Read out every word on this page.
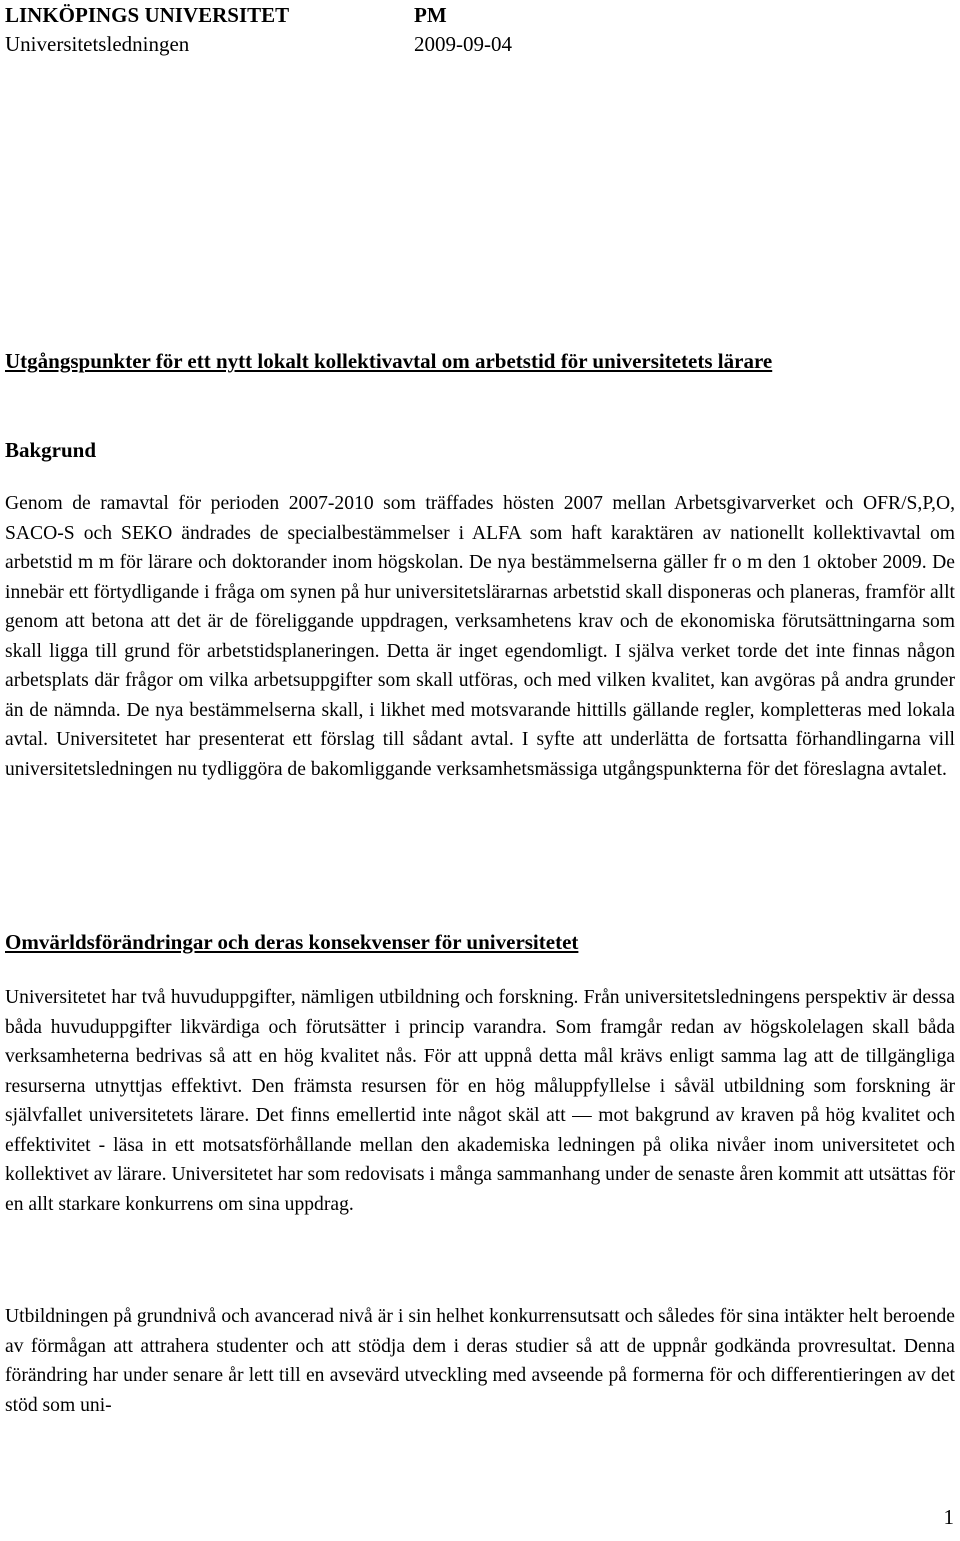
LINKÖPINGS UNIVERSITET
Universitetsledningen
PM
2009-09-04
Utgångspunkter för ett nytt lokalt kollektivavtal om arbetstid för universitetets lärare
Bakgrund

Genom de ramavtal för perioden 2007-2010 som träffades hösten 2007 mellan Arbetsgivarverket och OFR/S,P,O, SACO-S och SEKO ändrades de specialbestämmelser i ALFA som haft karaktären av nationellt kollektivavtal om arbetstid m m för lärare och doktorander inom högskolan. De nya bestämmelserna gäller fr o m den 1 oktober 2009. De innebär ett förtydligande i fråga om synen på hur universitetslärarnas arbetstid skall disponeras och planeras, framför allt genom att betona att det är de föreliggande uppdragen, verksamhetens krav och de ekonomiska förutsättningarna som skall ligga till grund för arbetstidsplaneringen. Detta är inget egendomligt. I själva verket torde det inte finnas någon arbetsplats där frågor om vilka arbetsuppgifter som skall utföras, och med vilken kvalitet, kan avgöras på andra grunder än de nämnda. De nya bestämmelserna skall, i likhet med motsvarande hittills gällande regler, kompletteras med lokala avtal. Universitetet har presenterat ett förslag till sådant avtal. I syfte att underlätta de fortsatta förhandlingarna vill universitetsledningen nu tydliggöra de bakomliggande verksamhetsmässiga utgångspunkterna för det föreslagna avtalet.

Omvärldsförändringar och deras konsekvenser för universitetet

Universitetet har två huvuduppgifter, nämligen utbildning och forskning. Från universitetsledningens perspektiv är dessa båda huvuduppgifter likvärdiga och förutsätter i princip varandra. Som framgår redan av högskolelagen skall båda verksamheterna bedrivas så att en hög kvalitet nås. För att uppnå detta mål krävs enligt samma lag att de tillgängliga resurserna utnyttjas effektivt. Den främsta resursen för en hög måluppfyllelse i såväl utbildning som forskning är självfallet universitetets lärare. Det finns emellertid inte något skäl att — mot bakgrund av kraven på hög kvalitet och effektivitet - läsa in ett motsatsförhållande mellan den akademiska ledningen på olika nivåer inom universitetet och kollektivet av lärare. Universitetet har som redovisats i många sammanhang under de senaste åren kommit att utsättas för en allt starkare konkurrens om sina uppdrag.

Utbildningen på grundnivå och avancerad nivå är i sin helhet konkurrensutsatt och således för sina intäkter helt beroende av förmågan att attrahera studenter och att stödja dem i deras studier så att de uppnår godkända provresultat. Denna förändring har under senare år lett till en avsevärd utveckling med avseende på formerna för och differentieringen av det stöd som uni-

1
